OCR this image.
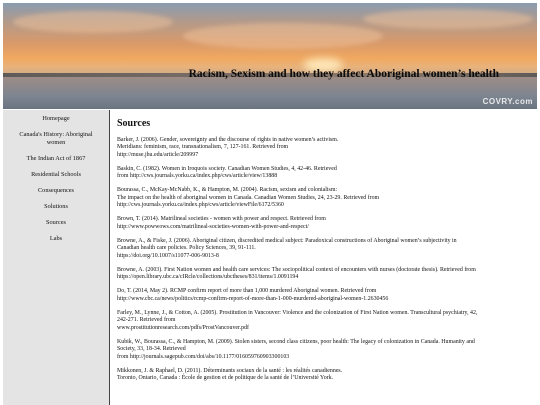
Racism, Sexism and how they affect Aboriginal women’s health
COVRY.com
Homepage
Canada's History: Aboriginal women
The Indian Act of 1867
Residential Schools
Consequences
Solutions
Sources
Labs
Sources

Barker, J. (2006). Gender, sovereignty and the discourse of rights in native women’s activism.
Meridians: feminism, race, transnationalism, 7, 127-161. Retrieved from
http://muse.jhu.edu/article/209997

Baskin, C. (1982). Women in Iroquois society. Canadian Women Studies, 4, 42-46. Retrieved
from http://cws.journals.yorku.ca/index.php/cws/article/view/13888

Bourassa, C., McKay-McNabb, K., & Hampton, M. (2004). Racism, sexism and colonialism:
The impact on the health of aboriginal women in Canada. Canadian Women Studies, 24, 23-29. Retrieved from
http://cws.journals.yorku.ca/index.php/cws/article/viewFile/6172/5360

Brown, T. (2014). Matrilineal societies - women with power and respect. Retrieved from
http://www.powwows.com/matrilineal-societies-women-with-power-and-respect/

Browne, A., & Fiske, J. (2006). Aboriginal citizen, discredited medical subject: Paradoxical constructions of Aboriginal women’s subjectivity in
Canadian health care policies. Policy Sciences, 39, 91-111.
https://doi.org/10.1007/s11077-006-9013-8

Browne, A. (2003). First Nation women and health care services: The sociopolitical context of encounters with nurses (doctorate thesis). Retrieved from
https://open.library.ubc.ca/cIRcle/collections/ubctheses/831/items/1.0091194

Do, T. (2014, May 2). RCMP confirm report of more than 1,000 murdered Aboriginal women. Retrieved from
http://www.cbc.ca/news/politics/rcmp-confirm-report-of-more-than-1-000-murdered-aboriginal-women-1.2630456

Farley, M., Lynne, J., & Cotton, A. (2005). Prostitution in Vancouver: Violence and the colonization of First Nation women. Transcultural psychiatry, 42,
242-271. Retrieved from
www.prostitutionresearch.com/pdfs/ProstVancouver.pdf

Kubik, W., Bourassa, C., & Hampton, M. (2009). Stolen sisters, second class citizens, poor health: The legacy of colonization in Canada. Humanity and
Society, 33, 18-34. Retrieved
from http://journals.sagepub.com/doi/abs/10.1177/016059760903300103

Mikkonen, J. & Raphael, D. (2011). Déterminants sociaux de la santé : les réalités canadiennes.
Toronto, Ontario, Canada : École de gestion et de politique de la santé de l’Université York.
